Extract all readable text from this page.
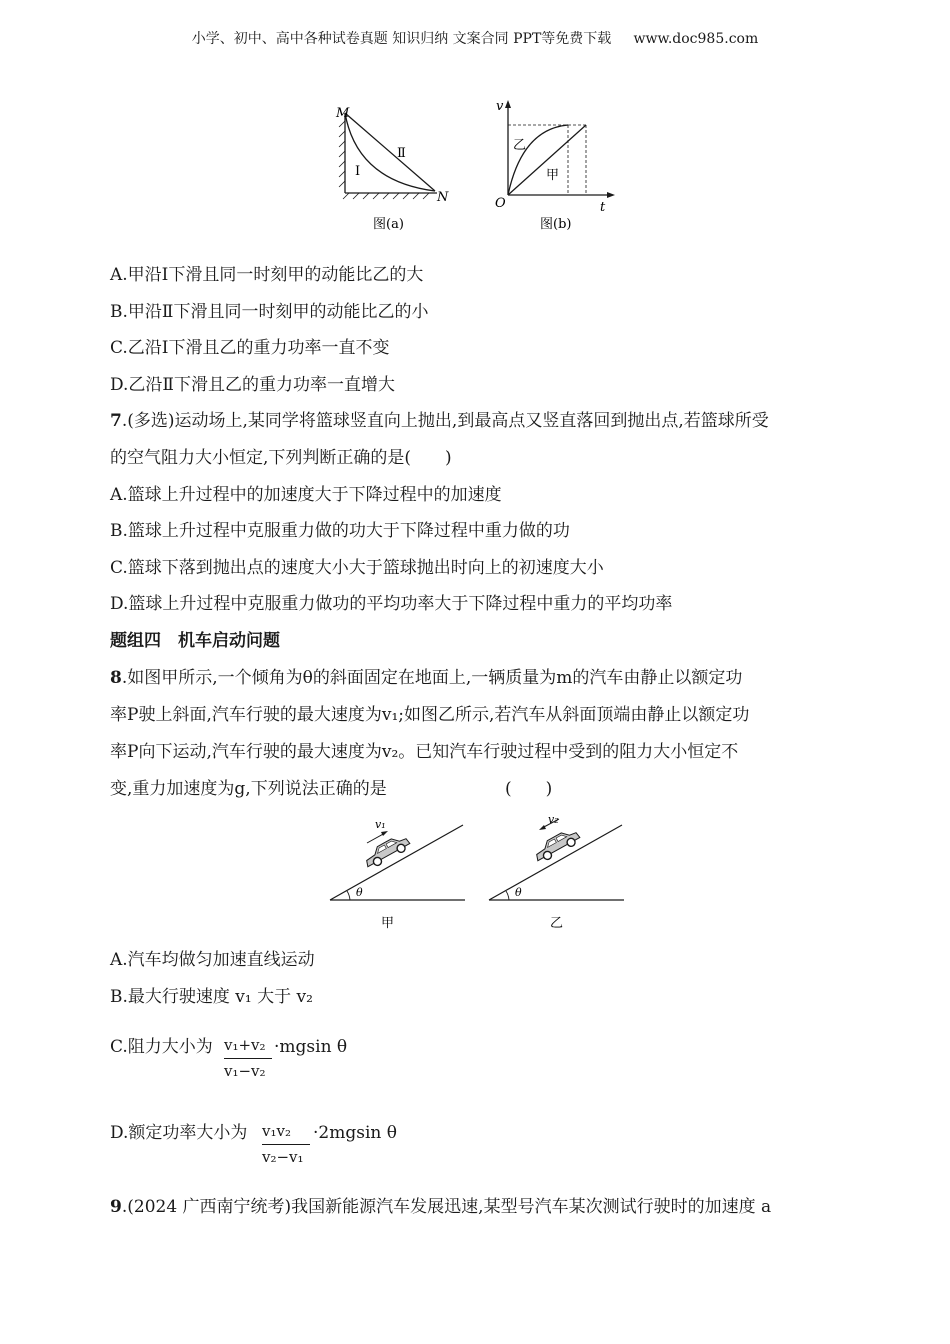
小学、初中、高中各种试卷真题 知识归纳 文案合同 PPT等免费下载 www.doc985.com
M
N
Ⅰ
Ⅱ
图(a)
v
t
O
乙
甲
图(b)
A.甲沿Ⅰ下滑且同一时刻甲的动能比乙的大
B.甲沿Ⅱ下滑且同一时刻甲的动能比乙的小
C.乙沿Ⅰ下滑且乙的重力功率一直不变
D.乙沿Ⅱ下滑且乙的重力功率一直增大
7.(多选)运动场上,某同学将篮球竖直向上抛出,到最高点又竖直落回到抛出点,若篮球所受
的空气阻力大小恒定,下列判断正确的是(　　)
A.篮球上升过程中的加速度大于下降过程中的加速度
B.篮球上升过程中克服重力做的功大于下降过程中重力做的功
C.篮球下落到抛出点的速度大小大于篮球抛出时向上的初速度大小
D.篮球上升过程中克服重力做功的平均功率大于下降过程中重力的平均功率
题组四　机车启动问题
8.如图甲所示,一个倾角为θ的斜面固定在地面上,一辆质量为m的汽车由静止以额定功
率P驶上斜面,汽车行驶的最大速度为v₁;如图乙所示,若汽车从斜面顶端由静止以额定功
率P向下运动,汽车行驶的最大速度为v₂。已知汽车行驶过程中受到的阻力大小恒定不
变,重力加速度为g,下列说法正确的是	(　　)
v₁
θ
甲
v₂
θ
乙
A.汽车均做匀加速直线运动
B.最大行驶速度 v₁ 大于 v₂
C.阻力大小为 v₁+v₂
v₁−v₂
·mgsin θ
D.额定功率大小为 v₁v₂
v₂−v₁
·2mgsin θ
9.(2024 广西南宁统考)我国新能源汽车发展迅速,某型号汽车某次测试行驶时的加速度 a
